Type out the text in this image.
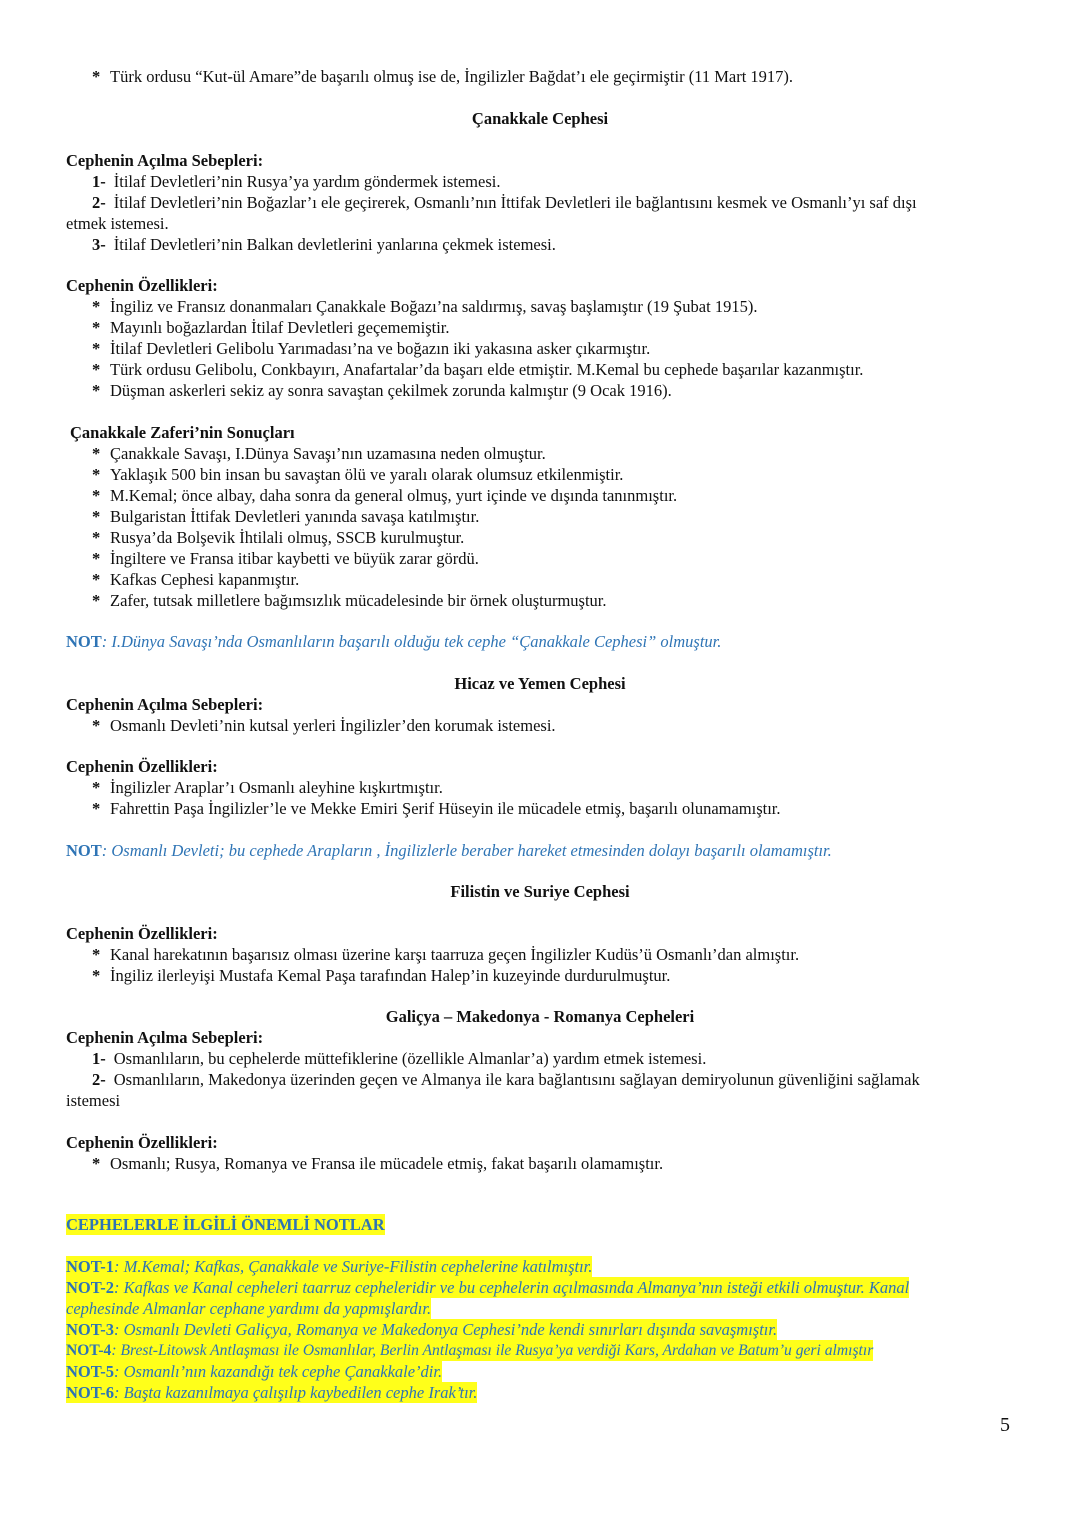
* Türk ordusu “Kut-ül Amare”de başarılı olmuş ise de, İngilizler Bağdat’ı ele geçirmiştir (11 Mart 1917).
Çanakkale Cephesi
Cephenin Açılma Sebepleri:
1- İtilaf Devletleri’nin Rusya’ya yardım göndermek istemesi.
2- İtilaf Devletleri’nin Boğazlar’ı ele geçirerek, Osmanlı’nın İttifak Devletleri ile bağlantısını kesmek ve Osmanlı’yı saf dışı
etmek istemesi.
3- İtilaf Devletleri’nin Balkan devletlerini yanlarına çekmek istemesi.
Cephenin Özellikleri:
* İngiliz ve Fransız donanmaları Çanakkale Boğazı’na saldırmış, savaş başlamıştır (19 Şubat 1915).
* Mayınlı boğazlardan İtilaf Devletleri geçememiştir.
* İtilaf Devletleri Gelibolu Yarımadası’na ve boğazın iki yakasına asker çıkarmıştır.
* Türk ordusu Gelibolu, Conkbayırı, Anafartalar’da başarı elde etmiştir. M.Kemal bu cephede başarılar kazanmıştır.
* Düşman askerleri sekiz ay sonra savaştan çekilmek zorunda kalmıştır (9 Ocak 1916).
Çanakkale Zaferi’nin Sonuçları
* Çanakkale Savaşı, I.Dünya Savaşı’nın uzamasına neden olmuştur.
* Yaklaşık 500 bin insan bu savaştan ölü ve yaralı olarak olumsuz etkilenmiştir.
* M.Kemal; önce albay, daha sonra da general olmuş, yurt içinde ve dışında tanınmıştır.
* Bulgaristan İttifak Devletleri yanında savaşa katılmıştır.
* Rusya’da Bolşevik İhtilali olmuş, SSCB kurulmuştur.
* İngiltere ve Fransa itibar kaybetti ve büyük zarar gördü.
* Kafkas Cephesi kapanmıştır.
* Zafer, tutsak milletlere bağımsızlık mücadelesinde bir örnek oluşturmuştur.
NOT: I.Dünya Savaşı’nda Osmanlıların başarılı olduğu tek cephe “Çanakkale Cephesi” olmuştur.
Hicaz ve Yemen Cephesi
Cephenin Açılma Sebepleri:
* Osmanlı Devleti’nin kutsal yerleri İngilizler’den korumak istemesi.
Cephenin Özellikleri:
* İngilizler Araplar’ı Osmanlı aleyhine kışkırtmıştır.
* Fahrettin Paşa İngilizler’le ve Mekke Emiri Şerif Hüseyin ile mücadele etmiş, başarılı olunamamıştır.
NOT: Osmanlı Devleti; bu cephede Arapların , İngilizlerle beraber hareket etmesinden dolayı başarılı olamamıştır.
Filistin ve Suriye Cephesi
Cephenin Özellikleri:
* Kanal harekatının başarısız olması üzerine karşı taarruza geçen İngilizler Kudüs’ü Osmanlı’dan almıştır.
* İngiliz ilerleyişi Mustafa Kemal Paşa tarafından Halep’in kuzeyinde durdurulmuştur.
Galiçya – Makedonya - Romanya Cepheleri
Cephenin Açılma Sebepleri:
1- Osmanlıların, bu cephelerde müttefiklerine (özellikle Almanlar’a) yardım etmek istemesi.
2- Osmanlıların, Makedonya üzerinden geçen ve Almanya ile kara bağlantısını sağlayan demiryolunun güvenliğini sağlamak
istemesi
Cephenin Özellikleri:
* Osmanlı; Rusya, Romanya ve Fransa ile mücadele etmiş, fakat başarılı olamamıştır.
CEPHELERLE İLGİLİ ÖNEMLİ NOTLAR
NOT-1: M.Kemal; Kafkas, Çanakkale ve Suriye-Filistin cephelerine katılmıştır.
NOT-2: Kafkas ve Kanal cepheleri taarruz cepheleridir ve bu cephelerin açılmasında Almanya’nın isteği etkili olmuştur. Kanal
cephesinde Almanlar cephane yardımı da yapmışlardır.
NOT-3: Osmanlı Devleti Galiçya, Romanya ve Makedonya Cephesi’nde kendi sınırları dışında savaşmıştır.
NOT-4: Brest-Litowsk Antlaşması ile Osmanlılar, Berlin Antlaşması ile Rusya’ya verdiği Kars, Ardahan ve Batum’u geri almıştır
NOT-5: Osmanlı’nın kazandığı tek cephe Çanakkale’dir.
NOT-6: Başta kazanılmaya çalışılıp kaybedilen cephe Irak’tır.
5
